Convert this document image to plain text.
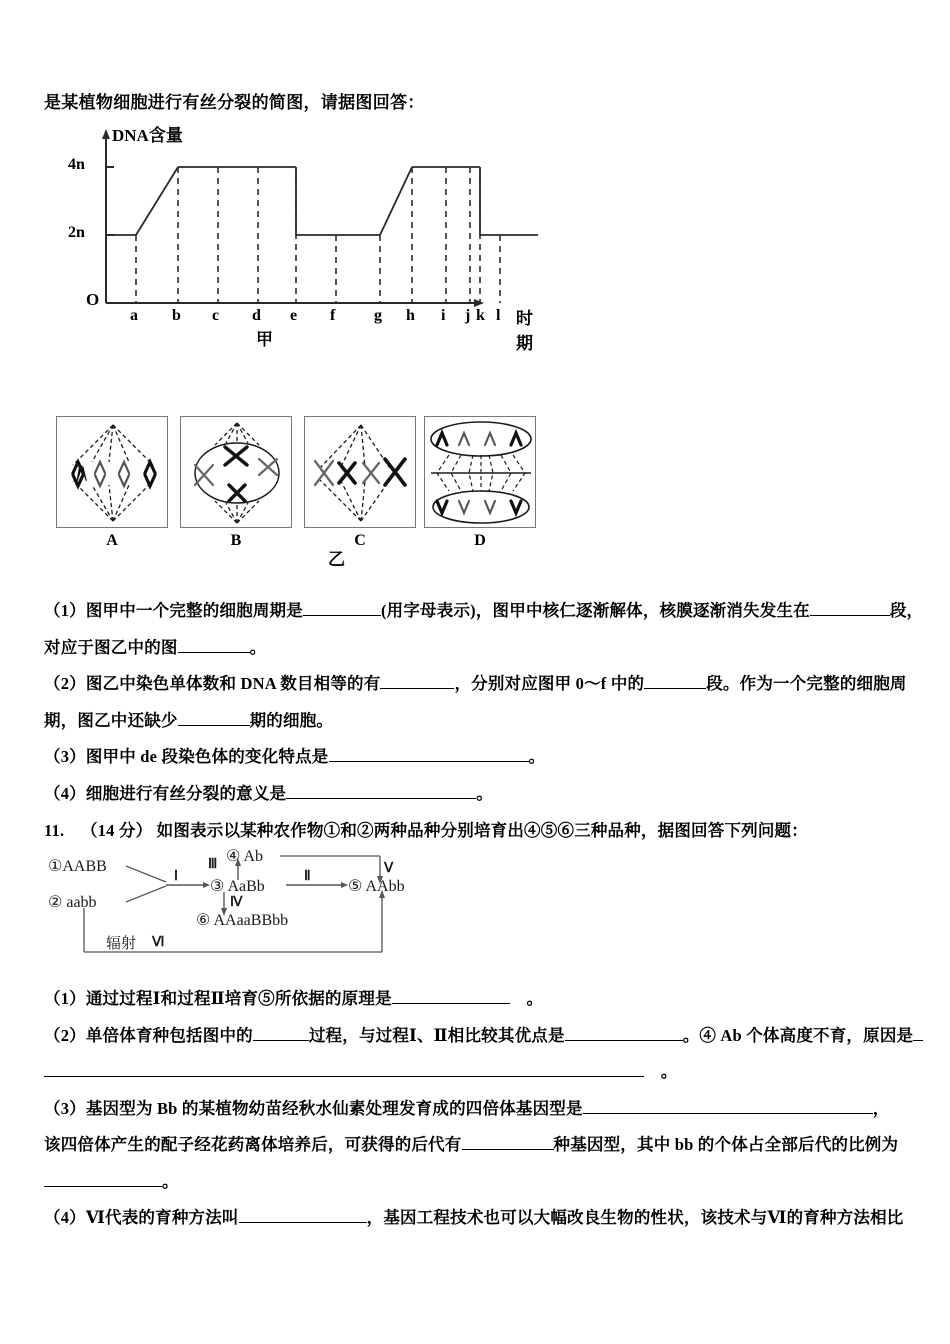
是某植物细胞进行有丝分裂的简图，请据图回答：
DNA含量
4n
2n
O
a b c d e f g h i j k l 时期
甲
A	B	C	D
乙
（1）图甲中一个完整的细胞周期是	(用字母表示)，图甲中核仁逐渐解体，核膜逐渐消失发生在	段，
对应于图乙中的图	。
（2）图乙中染色单体数和 DNA 数目相等的有	，分别对应图甲 0～f 中的	段。作为一个完整的细胞周
期，图乙中还缺少	期的细胞。
（3）图甲中 de 段染色体的变化特点是	。
（4）细胞进行有丝分裂的意义是	。
11. （14 分） 如图表示以某种农作物①和②两种品种分别培育出④⑤⑥三种品种，据图回答下列问题：
①AABB
② aabb
③ AaBb
④ Ab
⑤ AAbb
⑥ AAaaBBbb
Ⅰ	Ⅱ
Ⅲ
Ⅳ
Ⅴ
Ⅵ
辐射
（1）通过过程Ⅰ和过程Ⅱ培育⑤所依据的原理是	　。
（2）单倍体育种包括图中的	过程，与过程Ⅰ、Ⅱ相比较其优点是	。④ Ab 个体高度不育，原因是
　。
（3）基因型为 Bb 的某植物幼苗经秋水仙素处理发育成的四倍体基因型是	，
该四倍体产生的配子经花药离体培养后，可获得的后代有	种基因型，其中 bb 的个体占全部后代的比例为
。
（4）Ⅵ代表的育种方法叫	，基因工程技术也可以大幅改良生物的性状，该技术与Ⅵ的育种方法相比
